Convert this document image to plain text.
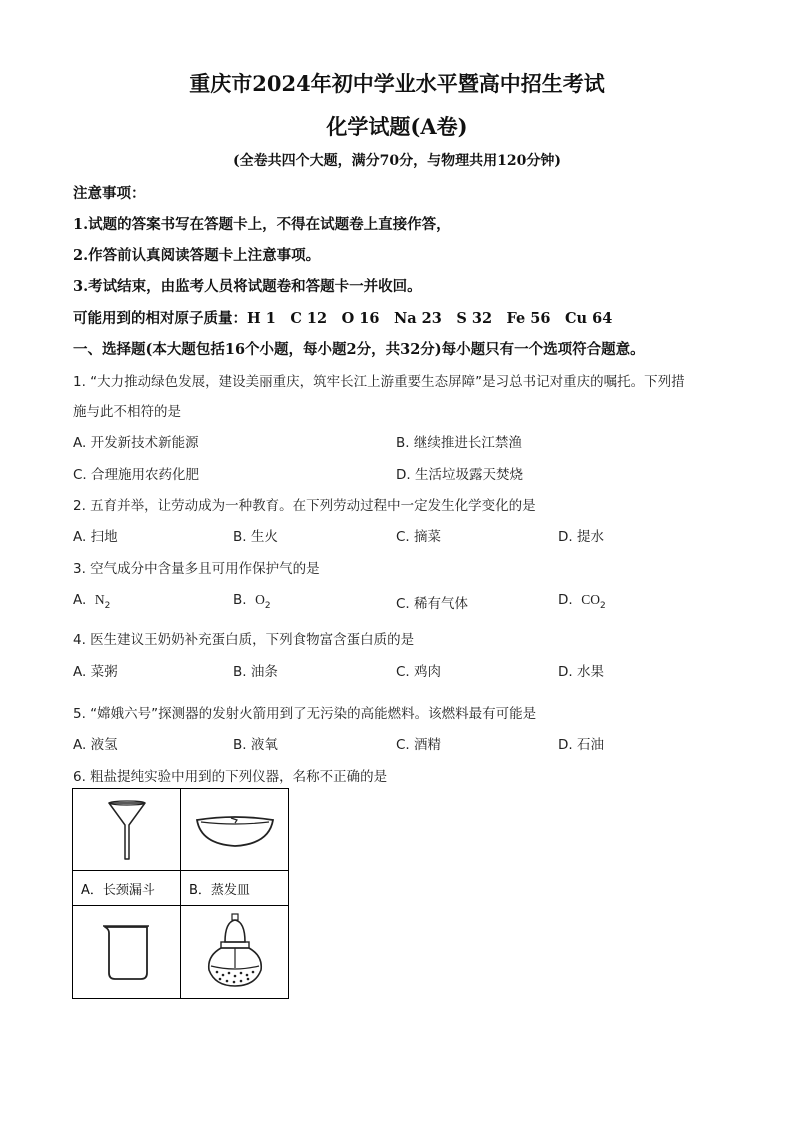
重庆市2024年初中学业水平暨高中招生考试
化学试题(A卷)
(全卷共四个大题，满分70分，与物理共用120分钟)
注意事项：
1.试题的答案书写在答题卡上，不得在试题卷上直接作答，
2.作答前认真阅读答题卡上注意事项。
3.考试结束，由监考人员将试题卷和答题卡一并收回。
可能用到的相对原子质量：H 1　C 12　O 16　Na 23　S 32　Fe 56　Cu 64
一、选择题(本大题包括16个小题，每小题2分，共32分)每小题只有一个选项符合题意。
1. “大力推动绿色发展，建设美丽重庆，筑牢长江上游重要生态屏障”是习总书记对重庆的嘱托。下列措
施与此不相符的是
A. 开发新技术新能源	B. 继续推进长江禁渔
C. 合理施用农药化肥	D. 生活垃圾露天焚烧
2. 五育并举，让劳动成为一种教育。在下列劳动过程中一定发生化学变化的是
A. 扫地	B. 生火	C. 摘菜	D. 提水
3. 空气成分中含量多且可用作保护气的是
A. $N_2$	B. $O_2$	C. 稀有气体	D. $CO_2$
4. 医生建议王奶奶补充蛋白质，下列食物富含蛋白质的是
A. 菜粥	B. 油条	C. 鸡肉	D. 水果
5. “嫦娥六号”探测器的发射火箭用到了无污染的高能燃料。该燃料最有可能是
A. 液氢	B. 液氧	C. 酒精	D. 石油
6. 粗盐提纯实验中用到的下列仪器，名称不正确的是

A．长颈漏斗	B．蒸发皿
